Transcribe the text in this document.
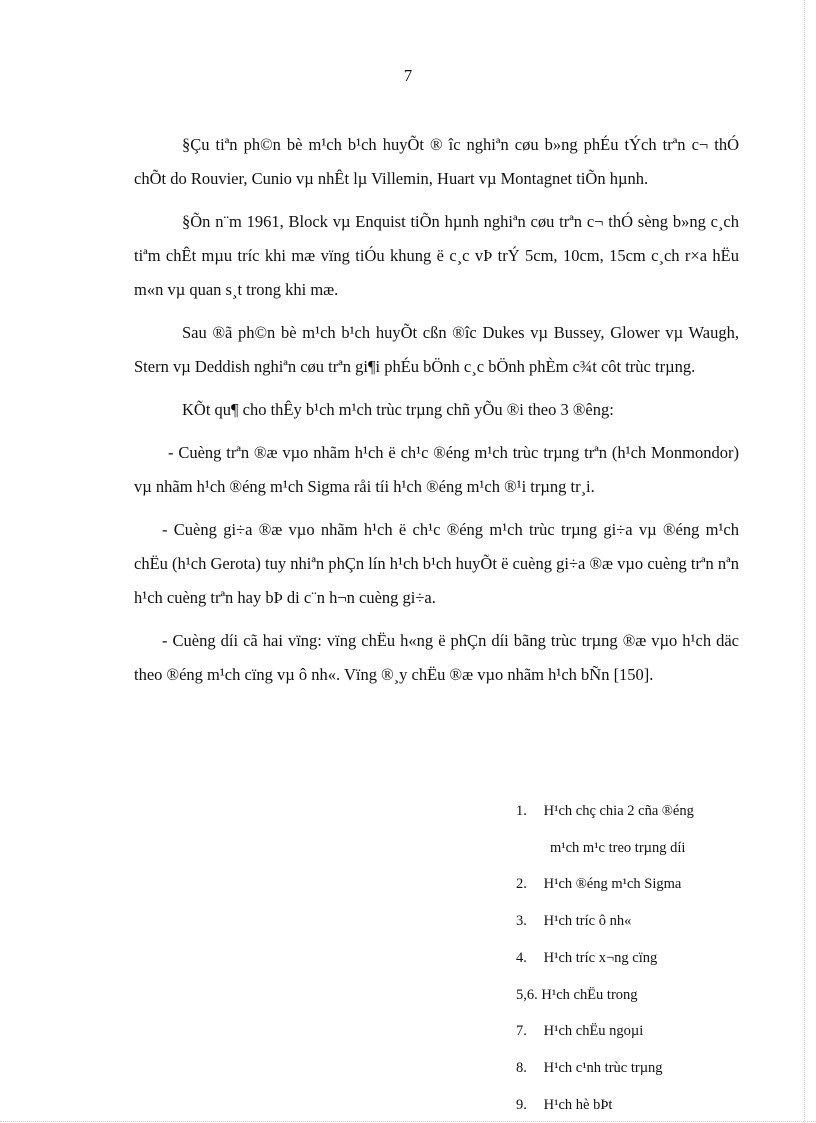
7

§Çu tiªn ph©n bè m¹ch b¹ch huyÕt ® îc nghiªn cøu b»ng phÉu tÝch trªn c¬ thÓ chÕt do Rouvier, Cunio vµ nhÊt lµ Villemin, Huart vµ Montagnet tiÕn hµnh.

§Õn n¨m 1961, Block vµ Enquist tiÕn hµnh nghiªn cøu trªn c¬ thÓ sèng b»ng c¸ch tiªm chÊt mµu tríc khi mæ vïng tiÓu khung ë c¸c vÞ trÝ 5cm, 10cm, 15cm c¸ch r×a hËu m«n vµ quan s¸t trong khi mæ.

Sau ®ã ph©n bè m¹ch b¹ch huyÕt cßn ®îc Dukes vµ Bussey, Glower vµ Waugh, Stern vµ Deddish nghiªn cøu trªn gi¶i phÉu bÖnh c¸c bÖnh phÈm c¾t côt trùc trµng.

KÕt qu¶ cho thÊy b¹ch m¹ch trùc trµng chñ yÕu ®i theo 3 ®êng:

- Cuèng trªn ®æ vµo nhãm h¹ch ë ch¹c ®éng m¹ch trùc trµng trªn (h¹ch Monmondor) vµ nhãm h¹ch ®éng m¹ch Sigma råi tíi h¹ch ®éng m¹ch ®¹i trµng tr¸i.

- Cuèng gi÷a ®æ vµo nhãm h¹ch ë ch¹c ®éng m¹ch trùc trµng gi÷a vµ ®éng m¹ch chËu (h¹ch Gerota) tuy nhiªn phÇn lín h¹ch b¹ch huyÕt ë cuèng gi÷a ®æ vµo cuèng trªn nªn h¹ch cuèng trªn hay bÞ di c¨n h¬n cuèng gi÷a.

- Cuèng díi cã hai vïng: vïng chËu h«ng ë phÇn díi bãng trùc trµng ®æ vµo h¹ch däc theo ®éng m¹ch cïng vµ ô nh«. Vïng ®¸y chËu ®æ vµo nhãm h¹ch bÑn [150].

1. H¹ch chç chia 2 cña ®éng
m¹ch m¹c treo trµng díi
2. H¹ch ®éng m¹ch Sigma
3. H¹ch tríc ô nh«
4. H¹ch tríc x¬ng cïng
5,6. H¹ch chËu trong
7. H¹ch chËu ngoµi
8. H¹ch c¹nh trùc trµng
9. H¹ch hè bÞt
